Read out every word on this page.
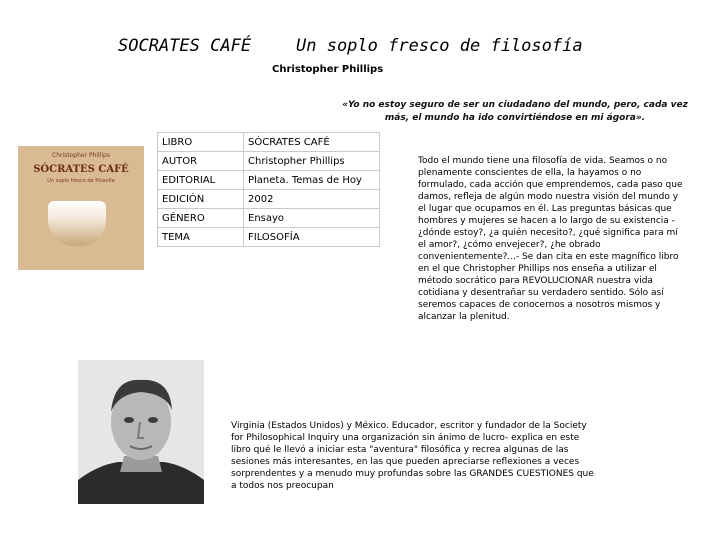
SOCRATES CAFÉ	Un soplo fresco de filosofía
Christopher Phillips
«Yo no estoy seguro de ser un ciudadano del mundo, pero, cada vez más, el mundo ha ido convirtiéndose en mi ágora».
Christopher Phillips
SÓCRATES CAFÉ
Un soplo fresco de filosofía
LIBRO	SÓCRATES CAFÉ
AUTOR	Christopher Phillips
EDITORIAL	Planeta. Temas de Hoy
EDICIÓN	2002
GÉNERO	Ensayo
TEMA	FILOSOFÍA
Todo el mundo tiene una filosofía de vida. Seamos o no plenamente conscientes de ella, la hayamos o no formulado, cada acción que emprendemos, cada paso que damos, refleja de algún modo nuestra visión del mundo y el lugar que ocupamos en él. Las preguntas básicas que hombres y mujeres se hacen a lo largo de su existencia - ¿dónde estoy?, ¿a quién necesito?, ¿qué significa para mí el amor?, ¿cómo envejecer?, ¿he obrado convenientemente?...- Se dan cita en este magnífico libro en el que Christopher Phillips nos enseña a utilizar el método socrático para REVOLUCIONAR nuestra vida cotidiana y desentrañar su verdadero sentido. Sólo así seremos capaces de conocernos a nosotros mismos y alcanzar la plenitud.
Virginia (Estados Unidos) y México. Educador, escritor y fundador de la Society for Philosophical Inquiry una organización sin ánimo de lucro- explica en este libro qué le llevó a iniciar esta "aventura" filosófica y recrea algunas de las sesiones más interesantes, en las que pueden apreciarse reflexiones a veces sorprendentes y a menudo muy profundas sobre las GRANDES CUESTIONES que a todos nos preocupan
